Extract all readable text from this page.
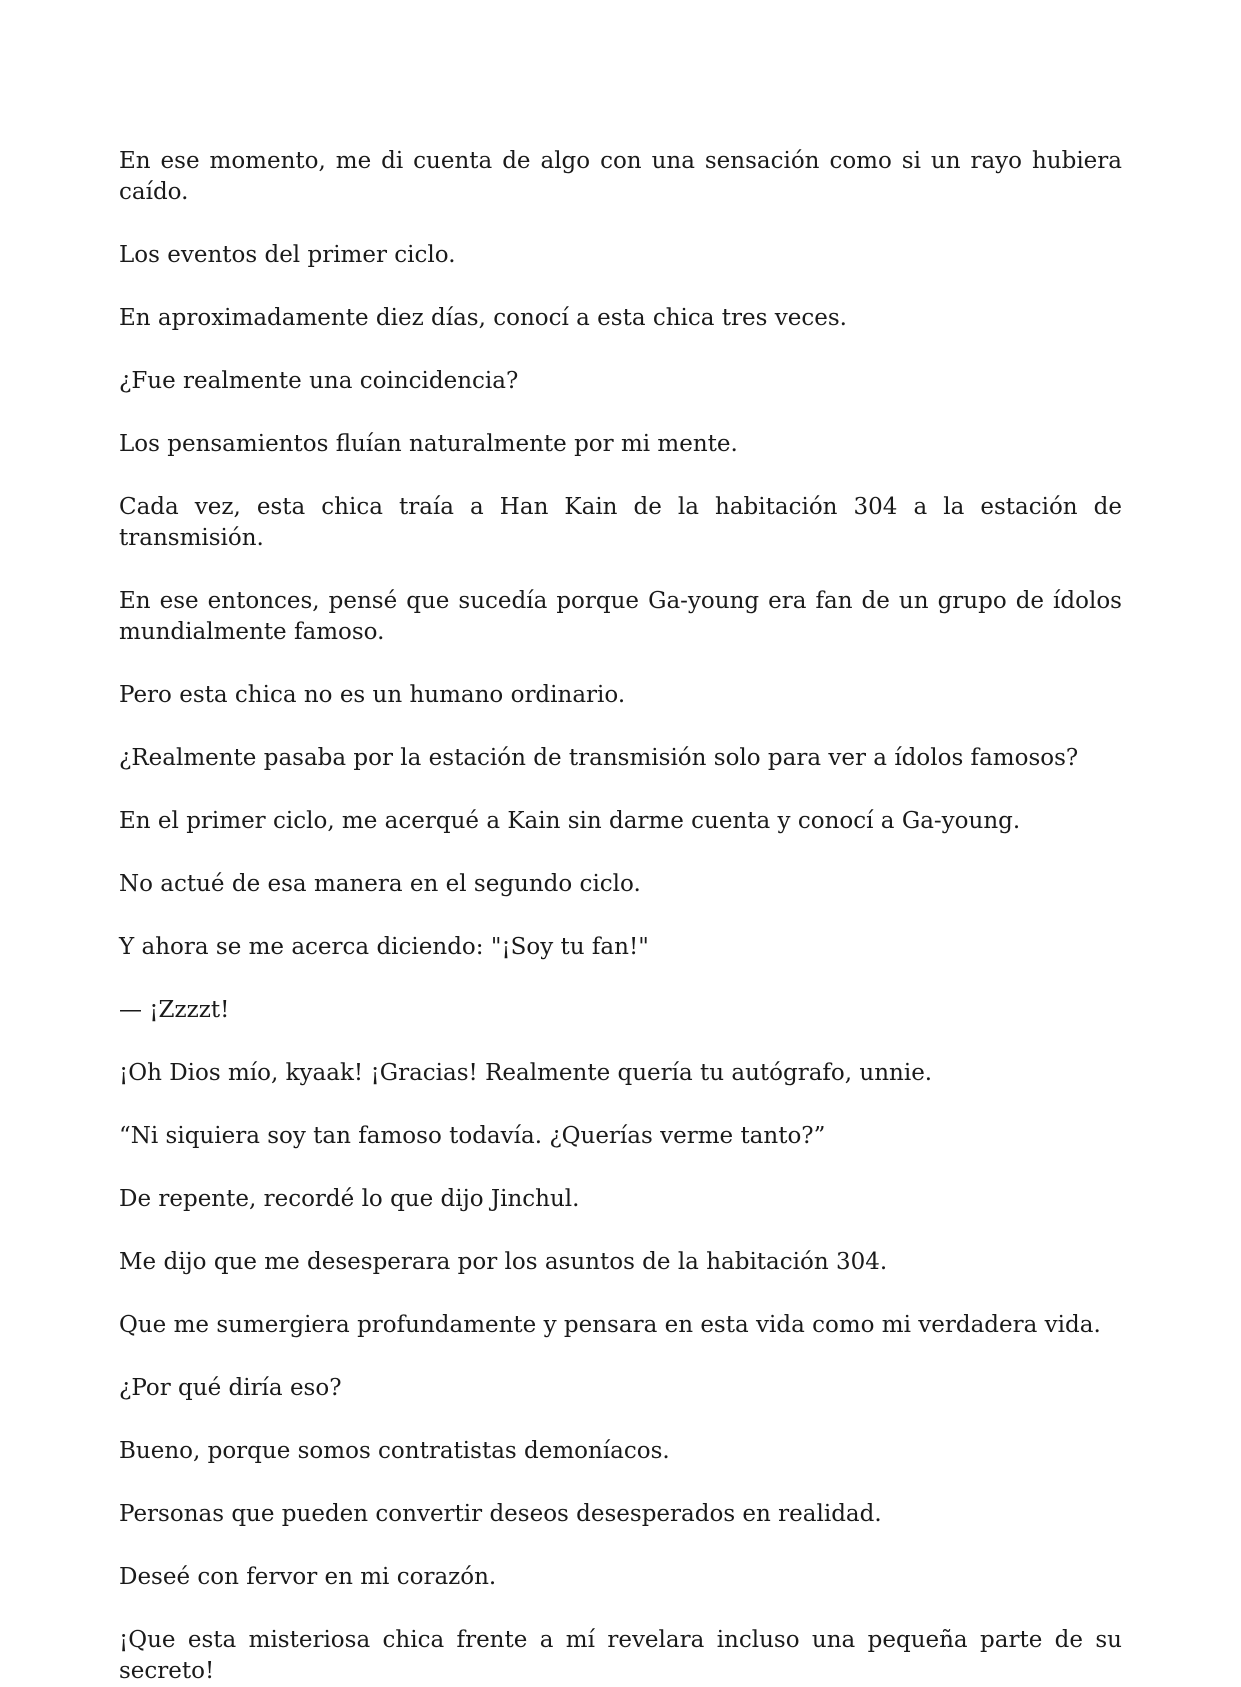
En ese momento, me di cuenta de algo con una sensación como si un rayo hubiera caído.

Los eventos del primer ciclo.

En aproximadamente diez días, conocí a esta chica tres veces.

¿Fue realmente una coincidencia?

Los pensamientos fluían naturalmente por mi mente.

Cada vez, esta chica traía a Han Kain de la habitación 304 a la estación de transmisión.

En ese entonces, pensé que sucedía porque Ga-young era fan de un grupo de ídolos mundialmente famoso.

Pero esta chica no es un humano ordinario.

¿Realmente pasaba por la estación de transmisión solo para ver a ídolos famosos?

En el primer ciclo, me acerqué a Kain sin darme cuenta y conocí a Ga-young.

No actué de esa manera en el segundo ciclo.

Y ahora se me acerca diciendo: "¡Soy tu fan!"

— ¡Zzzzt!

¡Oh Dios mío, kyaak! ¡Gracias! Realmente quería tu autógrafo, unnie.

“Ni siquiera soy tan famoso todavía. ¿Querías verme tanto?”

De repente, recordé lo que dijo Jinchul.

Me dijo que me desesperara por los asuntos de la habitación 304.

Que me sumergiera profundamente y pensara en esta vida como mi verdadera vida.

¿Por qué diría eso?

Bueno, porque somos contratistas demoníacos.

Personas que pueden convertir deseos desesperados en realidad.

Deseé con fervor en mi corazón.

¡Que esta misteriosa chica frente a mí revelara incluso una pequeña parte de su secreto!
